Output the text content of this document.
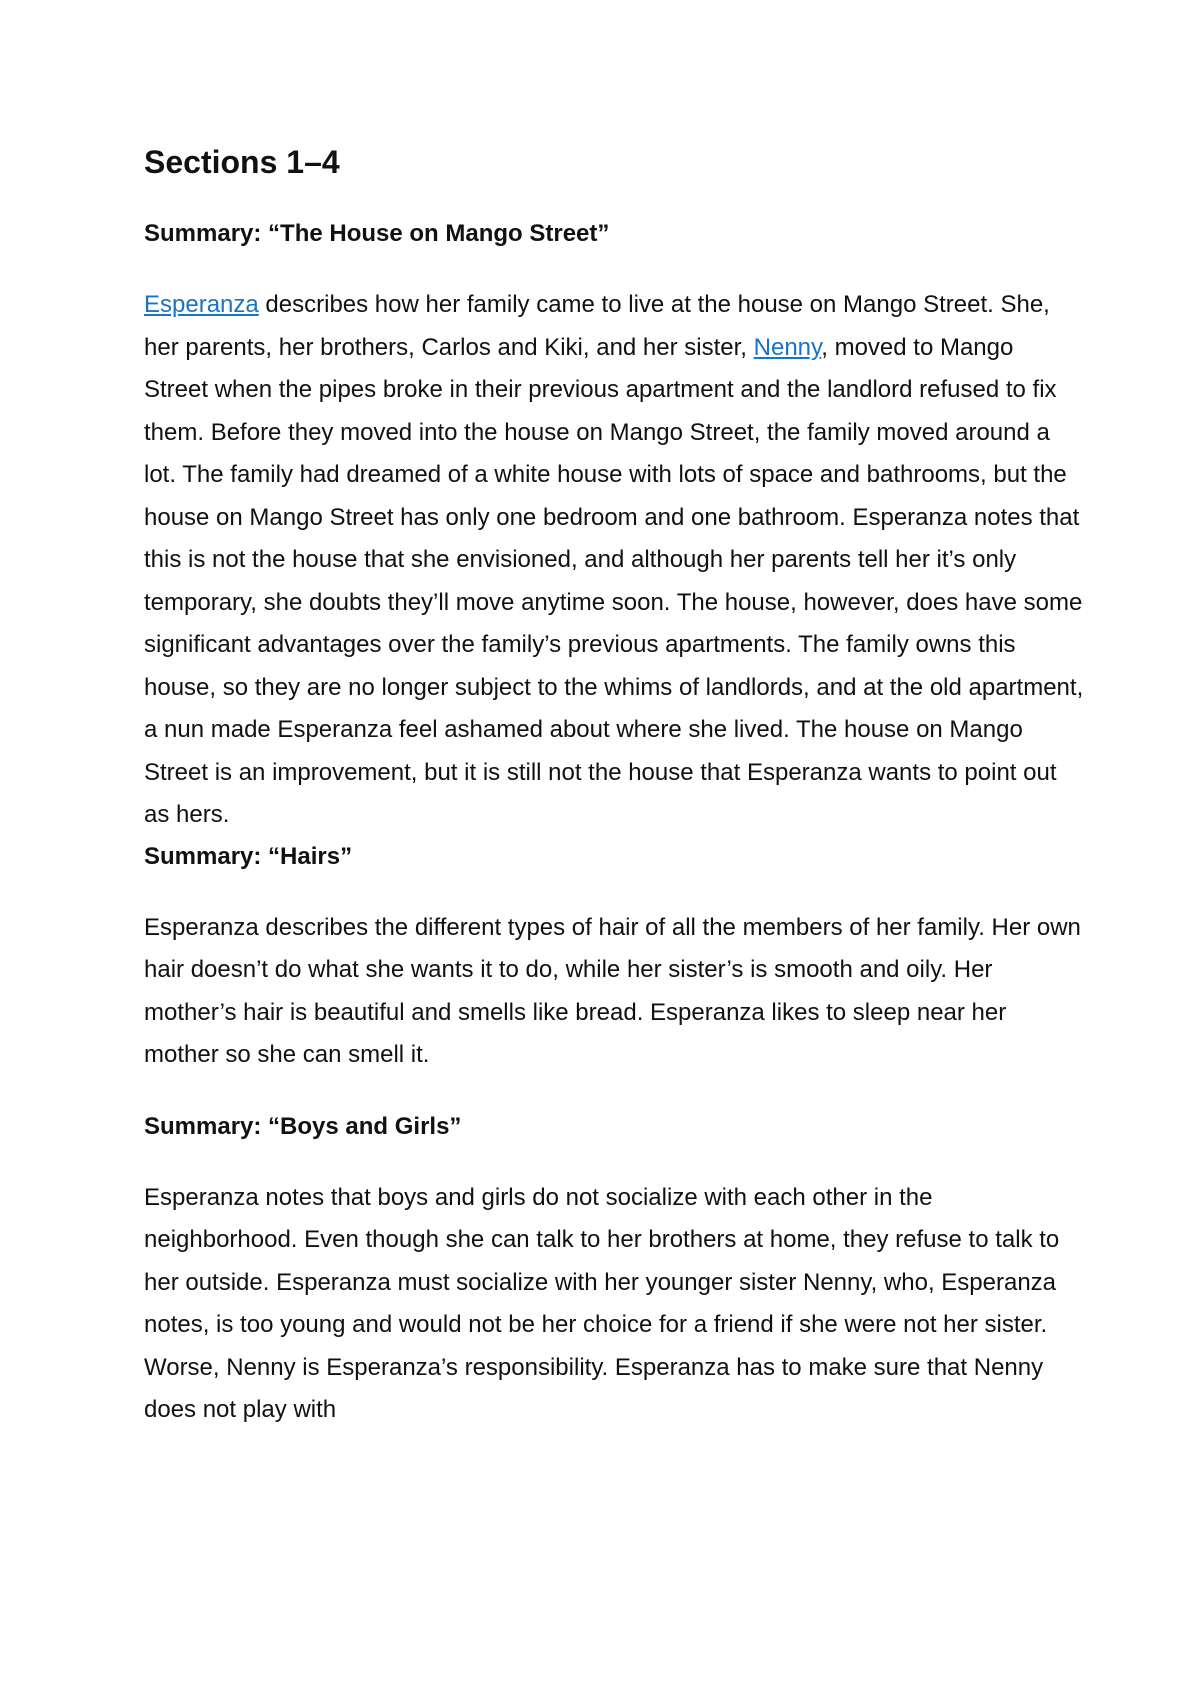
Sections 1–4
Summary: “The House on Mango Street”

Esperanza describes how her family came to live at the house on Mango Street. She, her parents, her brothers, Carlos and Kiki, and her sister, Nenny, moved to Mango Street when the pipes broke in their previous apartment and the landlord refused to fix them. Before they moved into the house on Mango Street, the family moved around a lot. The family had dreamed of a white house with lots of space and bathrooms, but the house on Mango Street has only one bedroom and one bathroom. Esperanza notes that this is not the house that she envisioned, and although her parents tell her it’s only temporary, she doubts they’ll move anytime soon. The house, however, does have some significant advantages over the family’s previous apartments. The family owns this house, so they are no longer subject to the whims of landlords, and at the old apartment, a nun made Esperanza feel ashamed about where she lived. The house on Mango Street is an improvement, but it is still not the house that Esperanza wants to point out as hers.

Summary: “Hairs”

Esperanza describes the different types of hair of all the members of her family. Her own hair doesn’t do what she wants it to do, while her sister’s is smooth and oily. Her mother’s hair is beautiful and smells like bread. Esperanza likes to sleep near her mother so she can smell it.

Summary: “Boys and Girls”

Esperanza notes that boys and girls do not socialize with each other in the neighborhood. Even though she can talk to her brothers at home, they refuse to talk to her outside. Esperanza must socialize with her younger sister Nenny, who, Esperanza notes, is too young and would not be her choice for a friend if she were not her sister. Worse, Nenny is Esperanza’s responsibility. Esperanza has to make sure that Nenny does not play with
